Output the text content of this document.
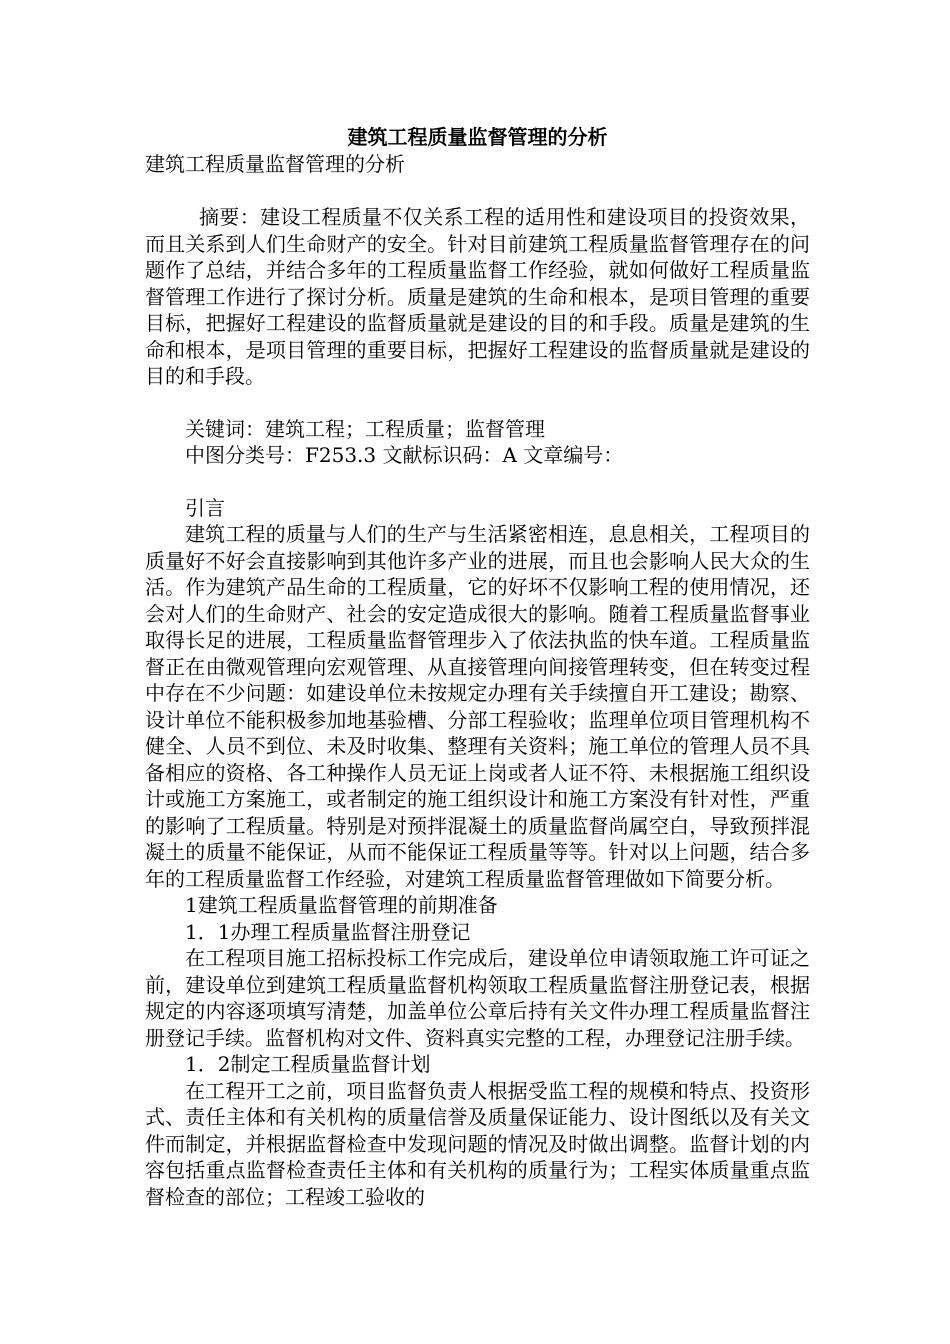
建筑工程质量监督管理的分析

建筑工程质量监督管理的分析

摘要：建设工程质量不仅关系工程的适用性和建设项目的投资效果，而且关系到人们生命财产的安全。针对目前建筑工程质量监督管理存在的问题作了总结，并结合多年的工程质量监督工作经验，就如何做好工程质量监督管理工作进行了探讨分析。质量是建筑的生命和根本，是项目管理的重要目标，把握好工程建设的监督质量就是建设的目的和手段。质量是建筑的生命和根本，是项目管理的重要目标，把握好工程建设的监督质量就是建设的目的和手段。

关键词：建筑工程；工程质量；监督管理

中图分类号：F253.3 文献标识码：A 文章编号：

引言

建筑工程的质量与人们的生产与生活紧密相连，息息相关，工程项目的质量好不好会直接影响到其他许多产业的进展，而且也会影响人民大众的生活。作为建筑产品生命的工程质量，它的好坏不仅影响工程的使用情况，还会对人们的生命财产、社会的安定造成很大的影响。随着工程质量监督事业取得长足的进展，工程质量监督管理步入了依法执监的快车道。工程质量监督正在由微观管理向宏观管理、从直接管理向间接管理转变，但在转变过程中存在不少问题：如建设单位未按规定办理有关手续擅自开工建设；勘察、设计单位不能积极参加地基验槽、分部工程验收；监理单位项目管理机构不健全、人员不到位、未及时收集、整理有关资料；施工单位的管理人员不具备相应的资格、各工种操作人员无证上岗或者人证不符、未根据施工组织设计或施工方案施工，或者制定的施工组织设计和施工方案没有针对性，严重的影响了工程质量。特别是对预拌混凝土的质量监督尚属空白，导致预拌混凝土的质量不能保证，从而不能保证工程质量等等。针对以上问题，结合多年的工程质量监督工作经验，对建筑工程质量监督管理做如下简要分析。

1建筑工程质量监督管理的前期准备

1．1办理工程质量监督注册登记

在工程项目施工招标投标工作完成后，建设单位申请领取施工许可证之前，建设单位到建筑工程质量监督机构领取工程质量监督注册登记表，根据规定的内容逐项填写清楚，加盖单位公章后持有关文件办理工程质量监督注册登记手续。监督机构对文件、资料真实完整的工程，办理登记注册手续。

1．2制定工程质量监督计划

在工程开工之前，项目监督负责人根据受监工程的规模和特点、投资形式、责任主体和有关机构的质量信誉及质量保证能力、设计图纸以及有关文件而制定，并根据监督检查中发现问题的情况及时做出调整。监督计划的内容包括重点监督检查责任主体和有关机构的质量行为；工程实体质量重点监督检查的部位；工程竣工验收的
